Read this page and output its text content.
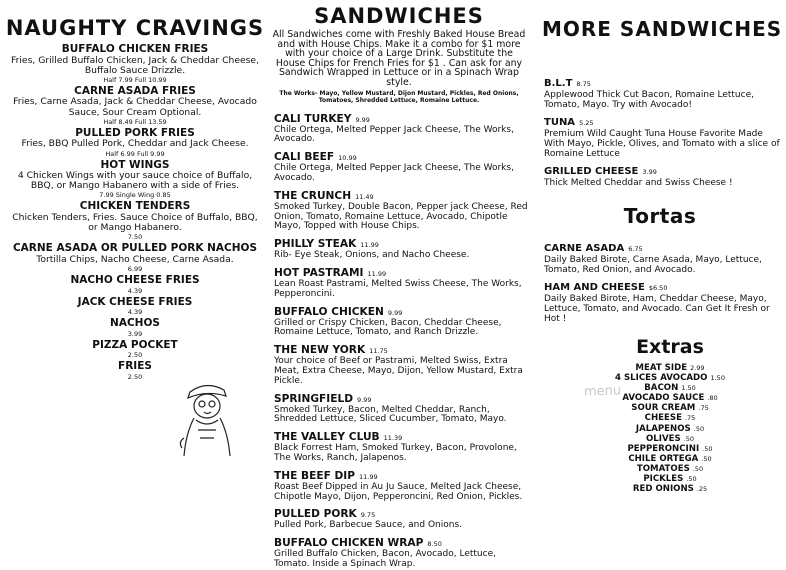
NAUGHTY CRAVINGS
BUFFALO CHICKEN FRIES
Fries, Grilled Buffalo Chicken, Jack & Cheddar Cheese, Buffalo Sauce Drizzle.
Half 7.99 Full 10.99
CARNE ASADA FRIES
Fries, Carne Asada, Jack & Cheddar Cheese, Avocado Sauce, Sour Cream Optional.
Half 8.49 Full 13.59
PULLED PORK FRIES
Fries, BBQ Pulled Pork, Cheddar and Jack Cheese.
Half 6.99 Full 9.99
HOT WINGS
4 Chicken Wings with your sauce choice of Buffalo, BBQ, or Mango Habanero with a side of Fries.
7.99 Single Wing 0.85
CHICKEN TENDERS
Chicken Tenders, Fries. Sauce Choice of Buffalo, BBQ, or Mango Habanero.
7.50
CARNE ASADA OR PULLED PORK NACHOS
Tortilla Chips, Nacho Cheese, Carne Asada.
6.99
NACHO CHEESE FRIES
4.39
JACK CHEESE FRIES
4.39
NACHOS
3.99
PIZZA POCKET
2.50
FRIES
2.50
SANDWICHES
All Sandwiches come with Freshly Baked House Bread and with House Chips. Make it a combo for $1 more with your choice of a Large Drink. Substitute the House Chips for French Fries for $1 . Can ask for any Sandwich Wrapped in Lettuce or in a Spinach Wrap style.
The Works- Mayo, Yellow Mustard, Dijon Mustard, Pickles, Red Onions, Tomatoes, Shredded Lettuce, Romaine Lettuce.
CALI TURKEY 9.99
Chile Ortega, Melted Pepper Jack Cheese, The Works, Avocado.
CALI BEEF 10.99
Chile Ortega, Melted Pepper Jack Cheese, The Works, Avocado.
THE CRUNCH 11.49
Smoked Turkey, Double Bacon, Pepper jack Cheese, Red Onion, Tomato, Romaine Lettuce, Avocado, Chipotle Mayo, Topped with House Chips.
PHILLY STEAK 11.99
Rib- Eye Steak, Onions, and Nacho Cheese.
HOT PASTRAMI 11.99
Lean Roast Pastrami, Melted Swiss Cheese, The Works, Pepperoncini.
BUFFALO CHICKEN 9.99
Grilled or Crispy Chicken, Bacon, Cheddar Cheese, Romaine Lettuce, Tomato, and Ranch Drizzle.
THE NEW YORK 11.75
Your choice of Beef or Pastrami, Melted Swiss, Extra Meat, Extra Cheese, Mayo, Dijon, Yellow Mustard, Extra Pickle.
SPRINGFIELD 9.99
Smoked Turkey, Bacon, Melted Cheddar, Ranch, Shredded Lettuce, Sliced Cucumber, Tomato, Mayo.
THE VALLEY CLUB 11.39
Black Forrest Ham, Smoked Turkey, Bacon, Provolone, The Works, Ranch, Jalapenos.
THE BEEF DIP 11.99
Roast Beef Dipped in Au Ju Sauce, Melted Jack Cheese, Chipotle Mayo, Dijon, Pepperoncini, Red Onion, Pickles.
PULLED PORK 9.75
Pulled Pork, Barbecue Sauce, and Onions.
BUFFALO CHICKEN WRAP 8.50
Grilled Buffalo Chicken, Bacon, Avocado, Lettuce, Tomato. Inside a Spinach Wrap.
MORE SANDWICHES
B.L.T 8.75
Applewood Thick Cut Bacon, Romaine Lettuce, Tomato, Mayo. Try with Avocado!
TUNA 5.25
Premium Wild Caught Tuna House Favorite Made With Mayo, Pickle, Olives, and Tomato with a slice of Romaine Lettuce
GRILLED CHEESE 3.99
Thick Melted Cheddar and Swiss Cheese !
Tortas
CARNE ASADA 6.75
Daily Baked Birote, Carne Asada, Mayo, Lettuce, Tomato, Red Onion, and Avocado.
HAM AND CHEESE $6.50
Daily Baked Birote, Ham, Cheddar Cheese, Mayo, Lettuce, Tomato, and Avocado. Can Get It Fresh or Hot !
Extras
MEAT SIDE 2.99
4 SLICES AVOCADO 1.50
BACON 1.50
AVOCADO SAUCE .80
SOUR CREAM .75
CHEESE .75
JALAPENOS .50
OLIVES .50
PEPPERONCINI .50
CHILE ORTEGA .50
TOMATOES .50
PICKLES .50
RED ONIONS .25
menu
